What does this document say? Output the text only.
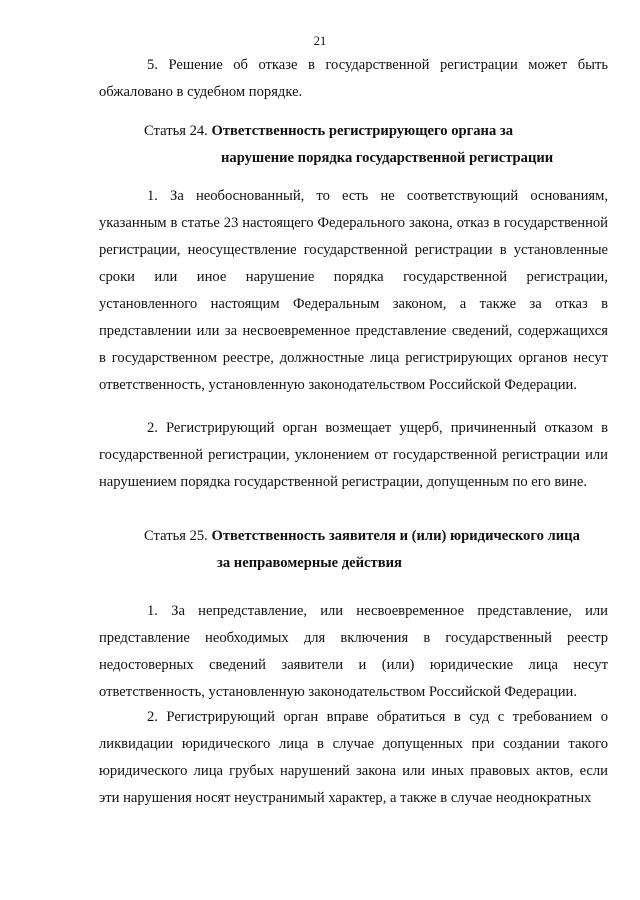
21

5. Решение об отказе в государственной регистрации может быть обжаловано в судебном порядке.

Статья 24. Ответственность регистрирующего органа за
нарушение порядка государственной регистрации

1. За необоснованный, то есть не соответствующий основаниям, указанным в статье 23 настоящего Федерального закона, отказ в государственной регистрации, неосуществление государственной регистрации в установленные сроки или иное нарушение порядка государственной регистрации, установленного настоящим Федеральным законом, а также за отказ в представлении или за несвоевременное представление сведений, содержащихся в государственном реестре, должностные лица регистрирующих органов несут ответственность, установленную законодательством Российской Федерации.

2. Регистрирующий орган возмещает ущерб, причиненный отказом в государственной регистрации, уклонением от государственной регистрации или нарушением порядка государственной регистрации, допущенным по его вине.

Статья 25. Ответственность заявителя и (или) юридического лица
за неправомерные действия

1. За непредставление, или несвоевременное представление, или представление необходимых для включения в государственный реестр недостоверных сведений заявители и (или) юридические лица несут ответственность, установленную законодательством Российской Федерации.

2. Регистрирующий орган вправе обратиться в суд с требованием о ликвидации юридического лица в случае допущенных при создании такого юридического лица грубых нарушений закона или иных правовых актов, если эти нарушения носят неустранимый характер, а также в случае неоднократных
